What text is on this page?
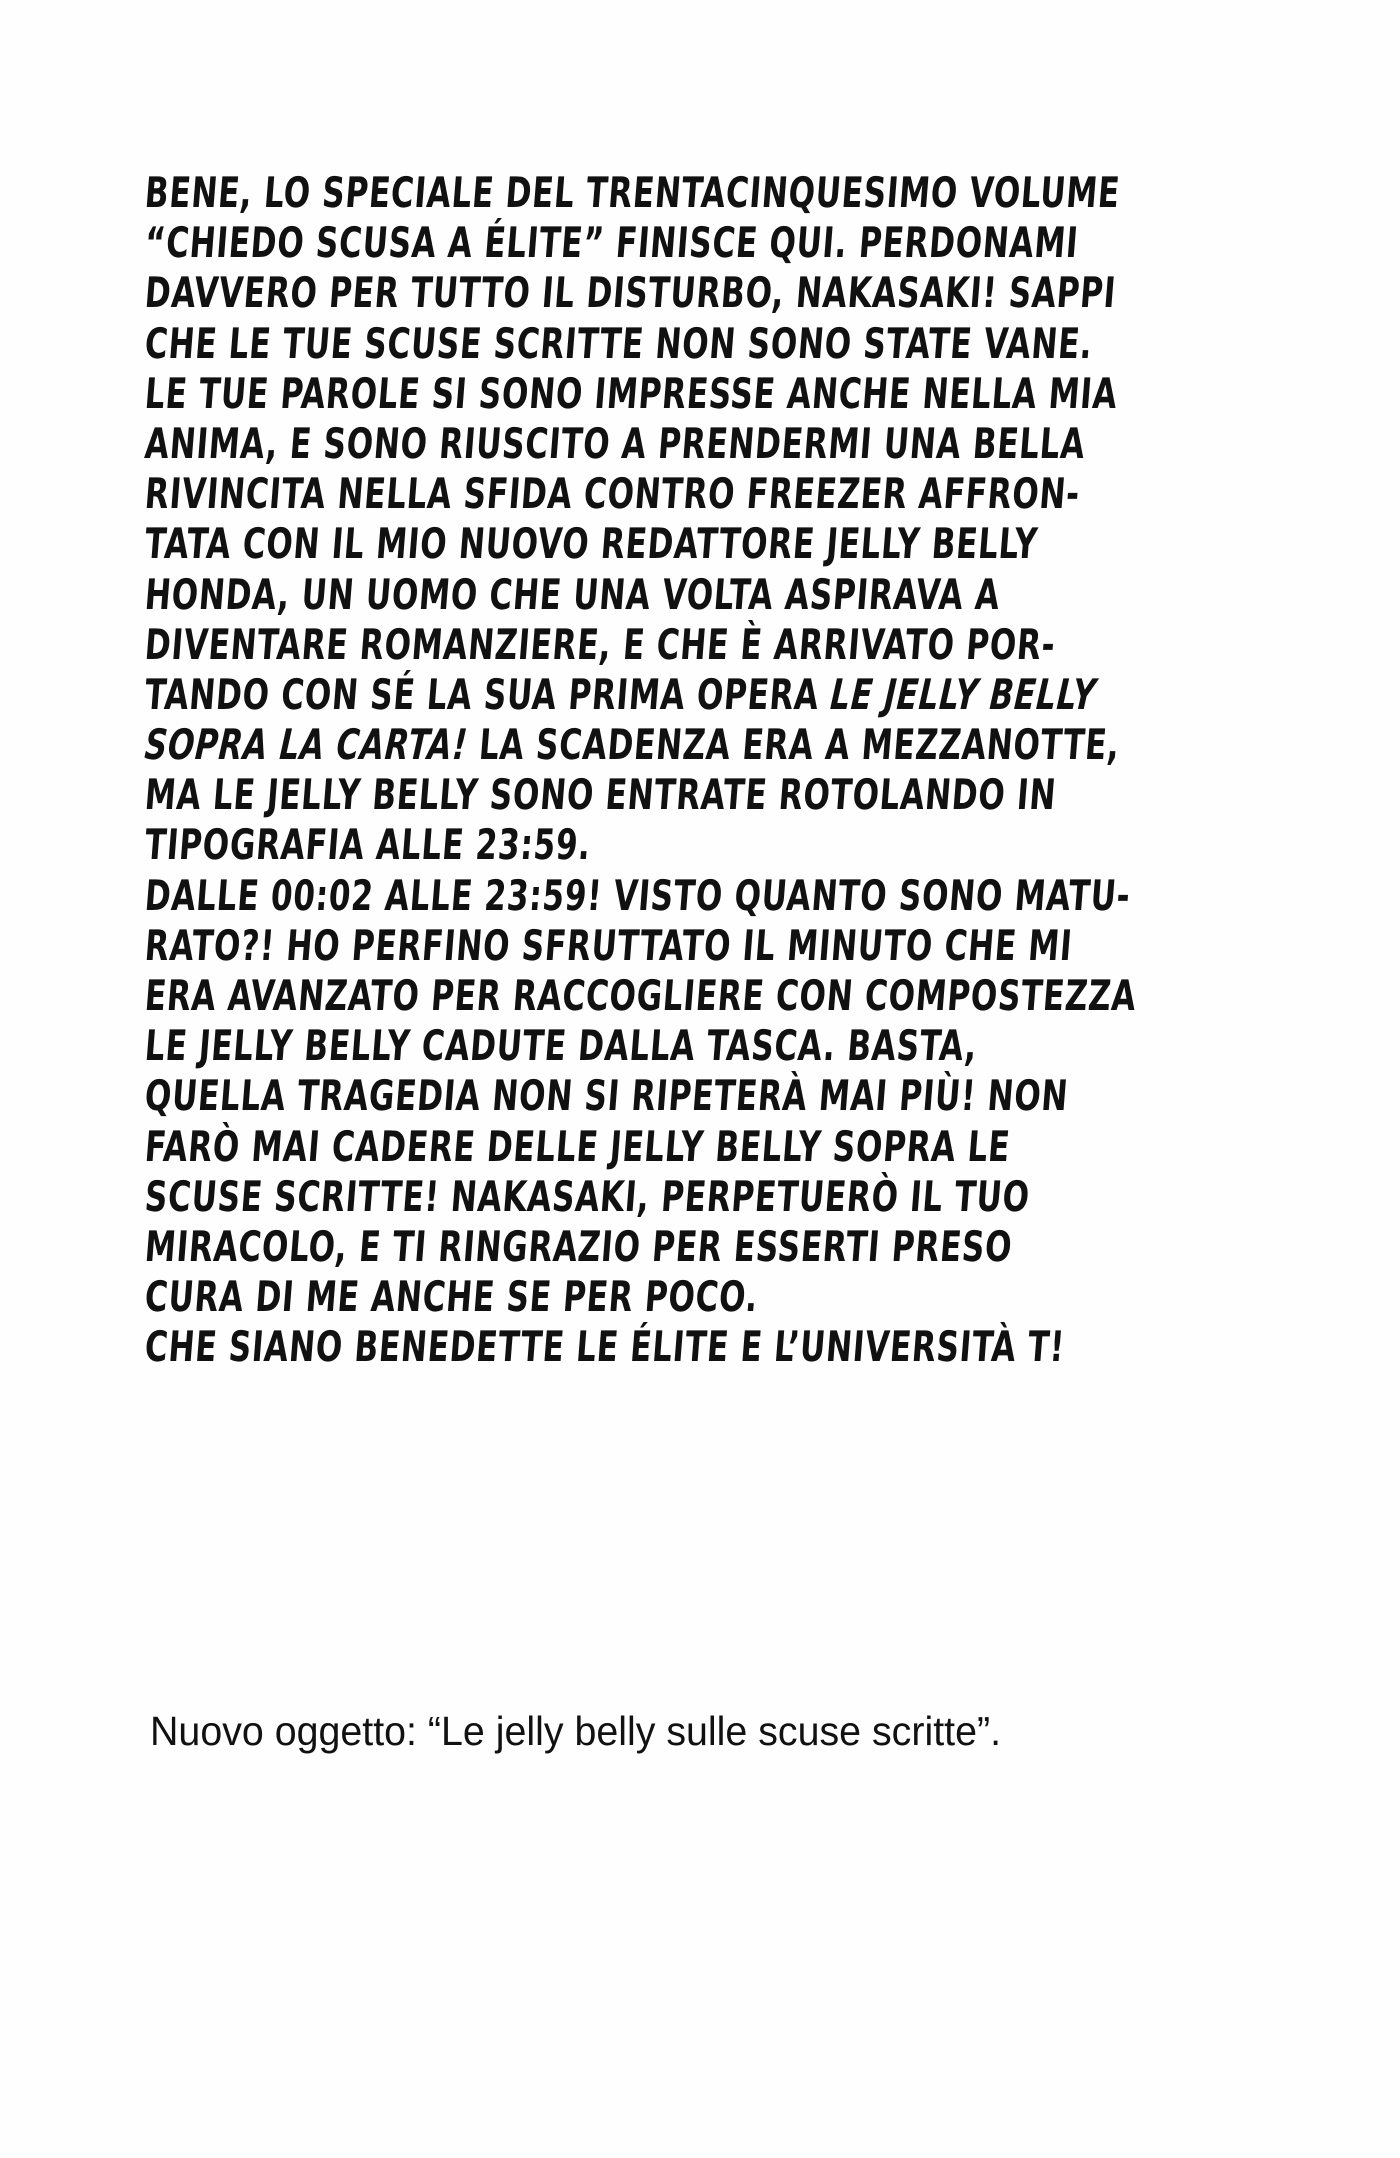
BENE, LO SPECIALE DEL TRENTACINQUESIMO VOLUME
“CHIEDO SCUSA A ÉLITE” FINISCE QUI. PERDONAMI
DAVVERO PER TUTTO IL DISTURBO, NAKASAKI! SAPPI
CHE LE TUE SCUSE SCRITTE NON SONO STATE VANE.
LE TUE PAROLE SI SONO IMPRESSE ANCHE NELLA MIA
ANIMA, E SONO RIUSCITO A PRENDERMI UNA BELLA
RIVINCITA NELLA SFIDA CONTRO FREEZER AFFRON-
TATA CON IL MIO NUOVO REDATTORE JELLY BELLY
HONDA, UN UOMO CHE UNA VOLTA ASPIRAVA A
DIVENTARE ROMANZIERE, E CHE È ARRIVATO POR-
TANDO CON SÉ LA SUA PRIMA OPERA LE JELLY BELLY
SOPRA LA CARTA! LA SCADENZA ERA A MEZZANOTTE,
MA LE JELLY BELLY SONO ENTRATE ROTOLANDO IN
TIPOGRAFIA ALLE 23:59.
DALLE 00:02 ALLE 23:59! VISTO QUANTO SONO MATU-
RATO?! HO PERFINO SFRUTTATO IL MINUTO CHE MI
ERA AVANZATO PER RACCOGLIERE CON COMPOSTEZZA
LE JELLY BELLY CADUTE DALLA TASCA. BASTA,
QUELLA TRAGEDIA NON SI RIPETERÀ MAI PIÙ! NON
FARÒ MAI CADERE DELLE JELLY BELLY SOPRA LE
SCUSE SCRITTE! NAKASAKI, PERPETUERÒ IL TUO
MIRACOLO, E TI RINGRAZIO PER ESSERTI PRESO
CURA DI ME ANCHE SE PER POCO.
CHE SIANO BENEDETTE LE ÉLITE E L’UNIVERSITÀ T!
Nuovo oggetto: “Le jelly belly sulle scuse scritte”.
